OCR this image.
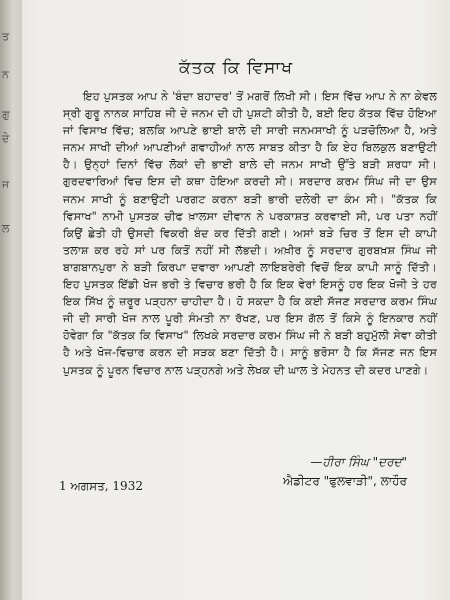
ਤ
ਨ
ਗੁ
ਦੇ
ਜ
ਲ
ਕੱਤਕ ਕਿ ਵਿਸਾਖ

ਇਹ ਪੁਸਤਕ ਆਪ ਨੇ 'ਬੰਦਾ ਬਹਾਦਰ' ਤੋਂ ਮਗਰੋਂ ਲਿਖੀ ਸੀ। ਇਸ ਵਿੱਚ ਆਪ ਨੇ ਨਾ ਕੇਵਲ ਸ੍ਰੀ ਗੁਰੂ ਨਾਨਕ ਸਾਹਿਬ ਜੀ ਦੇ ਜਨਮ ਦੀ ਹੀ ਪੁਸ਼ਟੀ ਕੀਤੀ ਹੈ, ਬਈ ਇਹ ਕੱਤਕ ਵਿੱਚ ਹੋਇਆ ਜਾਂ ਵਿਸਾਖ ਵਿੱਚ; ਬਲਕਿ ਆਪਣੇ ਭਾਈ ਬਾਲੇ ਦੀ ਸਾਰੀ ਜਨਮਸਾਖੀ ਨੂੰ ਪੜਚੋਲਿਆ ਹੈ, ਅਤੇ ਜਨਮ ਸਾਖੀ ਦੀਆਂ ਆਪਣੀਆਂ ਗਵਾਹੀਆਂ ਨਾਲ ਸਾਬਤ ਕੀਤਾ ਹੈ ਕਿ ਏਹ ਬਿਲਕੁਲ ਬਣਾਉਟੀ ਹੈ। ਉਨ੍ਹਾਂ ਦਿਨਾਂ ਵਿੱਚ ਲੋਕਾਂ ਦੀ ਭਾਈ ਬਾਲੇ ਦੀ ਜਨਮ ਸਾਖੀ ਉੱਤੇ ਬੜੀ ਸ਼ਰਧਾ ਸੀ। ਗੁਰਦਵਾਰਿਆਂ ਵਿਚ ਇਸ ਦੀ ਕਥਾ ਹੋਇਆ ਕਰਦੀ ਸੀ। ਸਰਦਾਰ ਕਰਮ ਸਿੰਘ ਜੀ ਦਾ ਉਸ ਜਨਮ ਸਾਖੀ ਨੂੰ ਬਣਾਉਟੀ ਪਰਗਟ ਕਰਨਾ ਬੜੀ ਭਾਰੀ ਦਲੇਰੀ ਦਾ ਕੰਮ ਸੀ। "ਕੱਤਕ ਕਿ ਵਿਸਾਖ" ਨਾਮੀ ਪੁਸਤਕ ਚੀਫ ਖ਼ਾਲਸਾ ਦੀਵਾਨ ਨੇ ਪਰਕਾਸ਼ਤ ਕਰਵਾਈ ਸੀ, ਪਰ ਪਤਾ ਨਹੀਂ ਕਿਉਂ ਛੇਤੀ ਹੀ ਉਸਦੀ ਵਿਕਰੀ ਬੰਦ ਕਰ ਦਿੱਤੀ ਗਈ। ਅਸਾਂ ਬੜੇ ਚਿਰ ਤੋਂ ਇਸ ਦੀ ਕਾਪੀ ਤਲਾਸ਼ ਕਰ ਰਹੇ ਸਾਂ ਪਰ ਕਿਤੋਂ ਨਹੀਂ ਸੀ ਲੱਭਦੀ। ਅਖ਼ੀਰ ਨੂੰ ਸਰਦਾਰ ਗੁਰਬਖ਼ਸ਼ ਸਿੰਘ ਜੀ ਬਾਗਬਾਨਪੁਰਾ ਨੇ ਬੜੀ ਕਿਰਪਾ ਦਵਾਰਾ ਆਪਣੀ ਲਾਇਬਰੇਰੀ ਵਿਚੋਂ ਇਕ ਕਾਪੀ ਸਾਨੂੰ ਦਿੱਤੀ। ਇਹ ਪੁਸਤਕ ਇੱਡੀ ਖੋਜ ਭਰੀ ਤੇ ਵਿਚਾਰ ਭਰੀ ਹੈ ਕਿ ਇਕ ਵੇਰਾਂ ਇਸਨੂੰ ਹਰ ਇਕ ਖੋਜੀ ਤੇ ਹਰ ਇਕ ਸਿੱਖ ਨੂੰ ਜ਼ਰੂਰ ਪੜ੍ਹਨਾ ਚਾਹੀਦਾ ਹੈ। ਹੋ ਸਕਦਾ ਹੈ ਕਿ ਕਈ ਸੱਜਣ ਸਰਦਾਰ ਕਰਮ ਸਿੰਘ ਜੀ ਦੀ ਸਾਰੀ ਖੋਜ ਨਾਲ ਪੂਰੀ ਸੰਮਤੀ ਨਾ ਰੱਖਣ, ਪਰ ਇਸ ਗੱਲ ਤੋਂ ਕਿਸੇ ਨੂੰ ਇਨਕਾਰ ਨਹੀਂ ਹੋਵੇਗਾ ਕਿ "ਕੱਤਕ ਕਿ ਵਿਸਾਖ" ਲਿਖਕੇ ਸਰਦਾਰ ਕਰਮ ਸਿੰਘ ਜੀ ਨੇ ਬੜੀ ਬਹੁਮੁੱਲੀ ਸੇਵਾ ਕੀਤੀ ਹੈ ਅਤੇ ਖੋਜ-ਵਿਚਾਰ ਕਰਨ ਦੀ ਸੜਕ ਬਣਾ ਦਿੱਤੀ ਹੈ। ਸਾਨੂੰ ਭਰੋਸਾ ਹੈ ਕਿ ਸੱਜਣ ਜਨ ਇਸ ਪੁਸਤਕ ਨੂੰ ਪੂਰਨ ਵਿਚਾਰ ਨਾਲ ਪੜ੍ਹਨਗੇ ਅਤੇ ਲੇਖਕ ਦੀ ਘਾਲ ਤੇ ਮੇਹਨਤ ਦੀ ਕਦਰ ਪਾਣਗੇ।

—ਹੀਰਾ ਸਿੰਘ "ਦਰਦ"

ਐਡੀਟਰ "ਫੁਲਵਾੜੀ", ਲਾਹੌਰ

1 ਅਗਸਤ, 1932
